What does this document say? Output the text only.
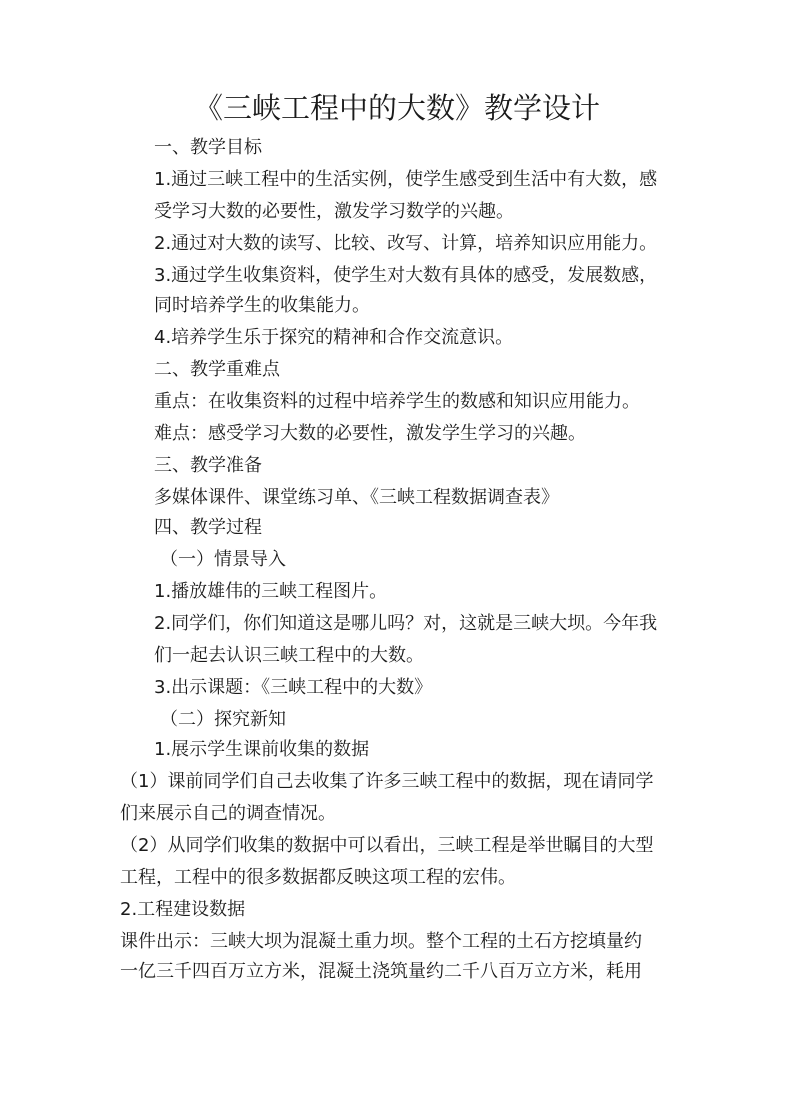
《三峡工程中的大数》教学设计
一、教学目标
1.通过三峡工程中的生活实例，使学生感受到生活中有大数，感
受学习大数的必要性，激发学习数学的兴趣。
2.通过对大数的读写、比较、改写、计算，培养知识应用能力。
3.通过学生收集资料，使学生对大数有具体的感受，发展数感，
同时培养学生的收集能力。
4.培养学生乐于探究的精神和合作交流意识。
二、教学重难点
重点：在收集资料的过程中培养学生的数感和知识应用能力。
难点：感受学习大数的必要性，激发学生学习的兴趣。
三、教学准备
多媒体课件、课堂练习单、《三峡工程数据调查表》
四、教学过程
（一）情景导入
1.播放雄伟的三峡工程图片。
2.同学们，你们知道这是哪儿吗？对，这就是三峡大坝。今年我
们一起去认识三峡工程中的大数。
3.出示课题：《三峡工程中的大数》
（二）探究新知
1.展示学生课前收集的数据
（1）课前同学们自己去收集了许多三峡工程中的数据，现在请同学
们来展示自己的调查情况。
（2）从同学们收集的数据中可以看出，三峡工程是举世瞩目的大型
工程，工程中的很多数据都反映这项工程的宏伟。
2.工程建设数据
课件出示：三峡大坝为混凝土重力坝。整个工程的土石方挖填量约
一亿三千四百万立方米，混凝土浇筑量约二千八百万立方米，耗用
